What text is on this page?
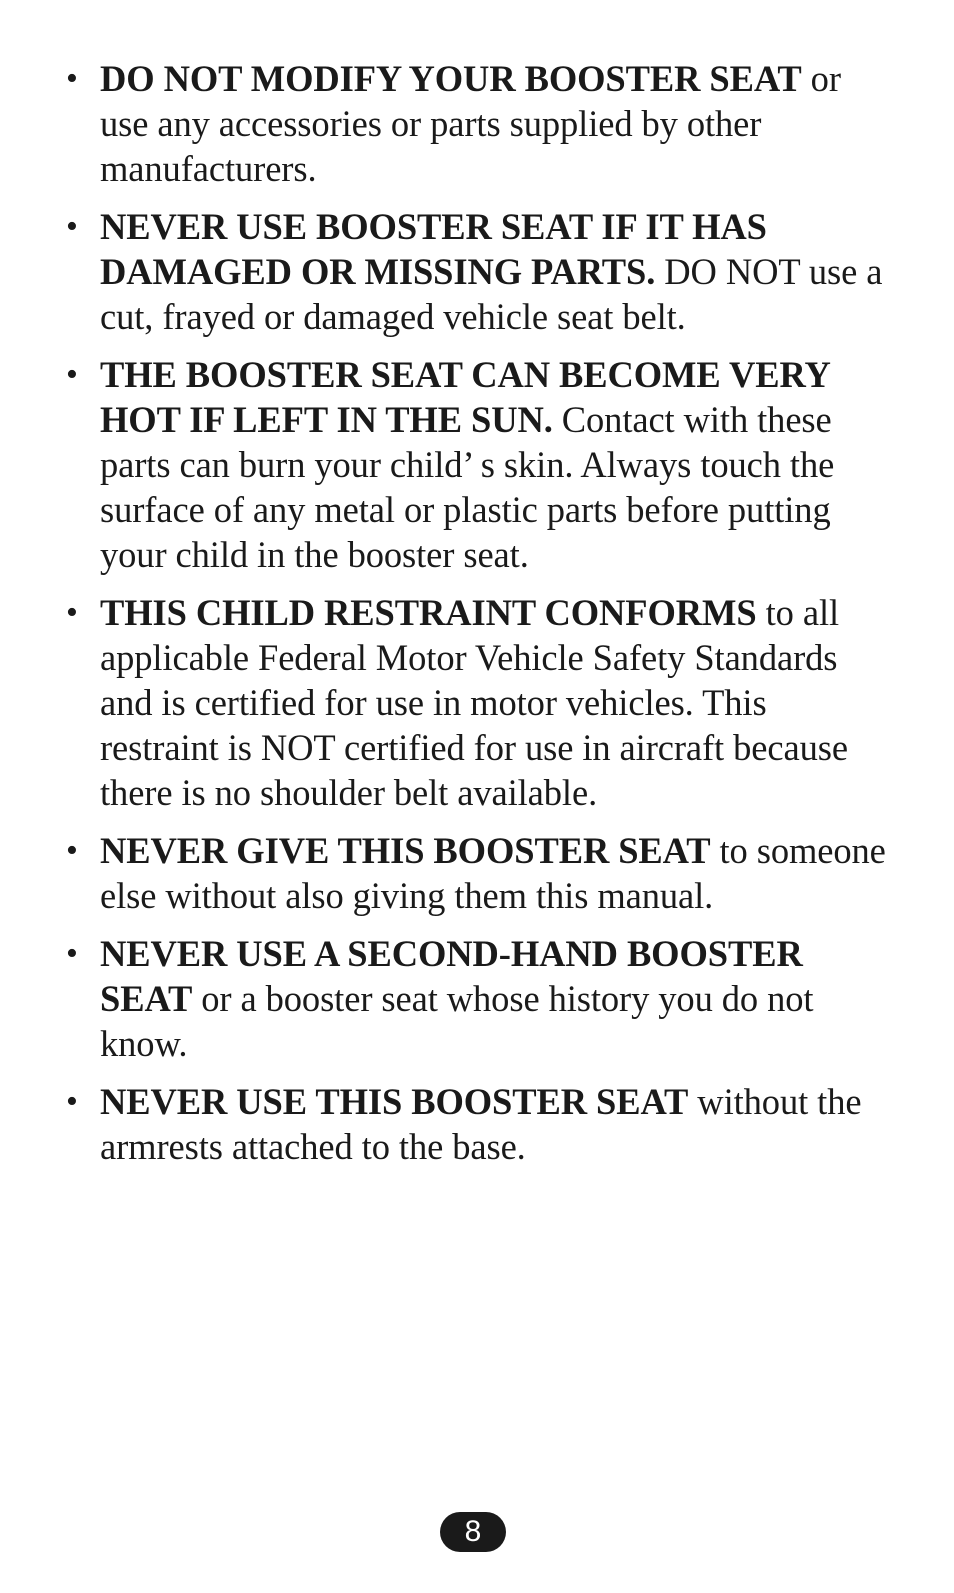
• DO NOT MODIFY YOUR BOOSTER SEAT or use any accessories or parts supplied by other manufacturers.
• NEVER USE BOOSTER SEAT IF IT HAS DAMAGED OR MISSING PARTS. DO NOT use a cut, frayed or damaged vehicle seat belt.
• THE BOOSTER SEAT CAN BECOME VERY HOT IF LEFT IN THE SUN. Contact with these parts can burn your child’ s skin. Always touch the surface of any metal or plastic parts before putting your child in the booster seat.
• THIS CHILD RESTRAINT CONFORMS to all applicable Federal Motor Vehicle Safety Standards and is certified for use in motor vehicles. This restraint is NOT certified for use in aircraft because there is no shoulder belt available.
• NEVER GIVE THIS BOOSTER SEAT to someone else without also giving them this manual.
• NEVER USE A SECOND-HAND BOOSTER SEAT or a booster seat whose history you do not know.
• NEVER USE THIS BOOSTER SEAT without the armrests attached to the base.
8
